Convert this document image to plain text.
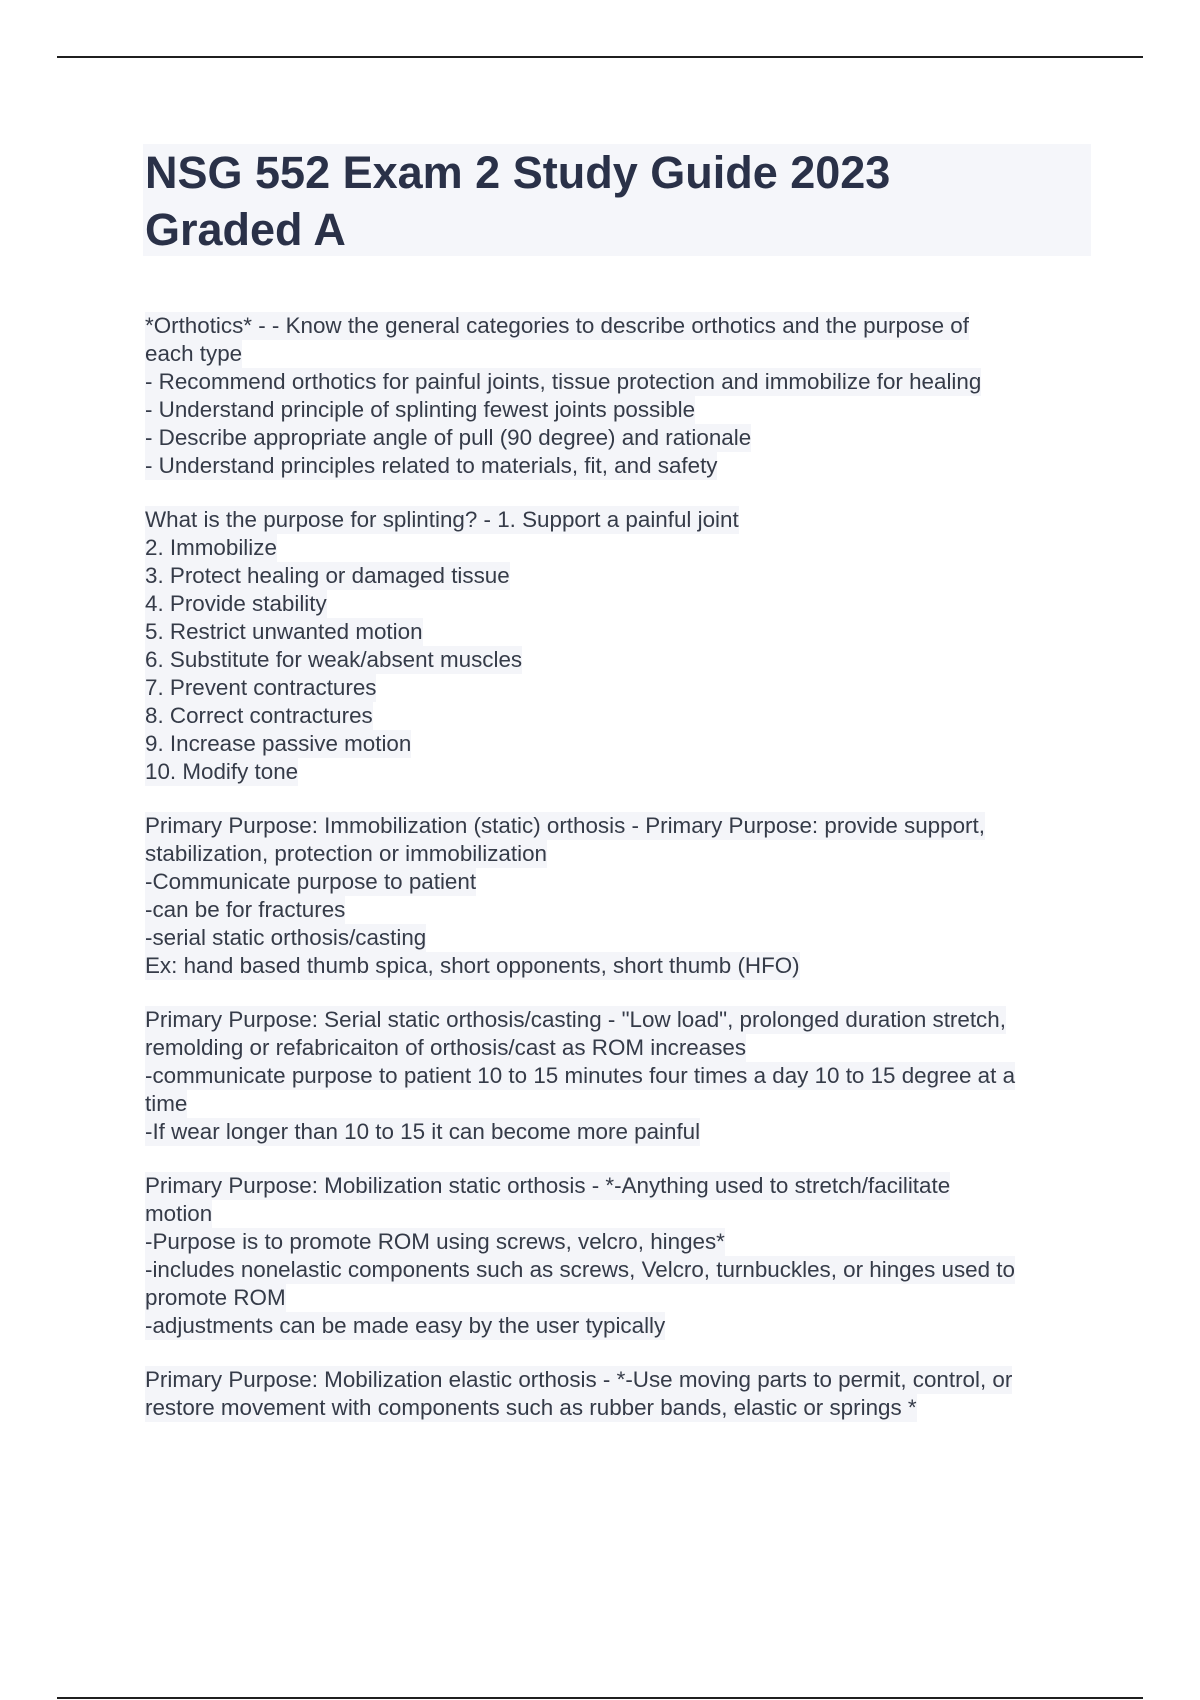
NSG 552 Exam 2 Study Guide 2023
Graded A
*Orthotics* - - Know the general categories to describe orthotics and the purpose of
each type
- Recommend orthotics for painful joints, tissue protection and immobilize for healing
- Understand principle of splinting fewest joints possible
- Describe appropriate angle of pull (90 degree) and rationale
- Understand principles related to materials, fit, and safety
What is the purpose for splinting? - 1. Support a painful joint
2. Immobilize
3. Protect healing or damaged tissue
4. Provide stability
5. Restrict unwanted motion
6. Substitute for weak/absent muscles
7. Prevent contractures
8. Correct contractures
9. Increase passive motion
10. Modify tone
Primary Purpose: Immobilization (static) orthosis - Primary Purpose: provide support,
stabilization, protection or immobilization
-Communicate purpose to patient
-can be for fractures
-serial static orthosis/casting
Ex: hand based thumb spica, short opponents, short thumb (HFO)
Primary Purpose: Serial static orthosis/casting - "Low load", prolonged duration stretch,
remolding or refabricaiton of orthosis/cast as ROM increases
-communicate purpose to patient 10 to 15 minutes four times a day 10 to 15 degree at a
time
-If wear longer than 10 to 15 it can become more painful
Primary Purpose: Mobilization static orthosis - *-Anything used to stretch/facilitate
motion
-Purpose is to promote ROM using screws, velcro, hinges*
-includes nonelastic components such as screws, Velcro, turnbuckles, or hinges used to
promote ROM
-adjustments can be made easy by the user typically
Primary Purpose: Mobilization elastic orthosis - *-Use moving parts to permit, control, or
restore movement with components such as rubber bands, elastic or springs *
